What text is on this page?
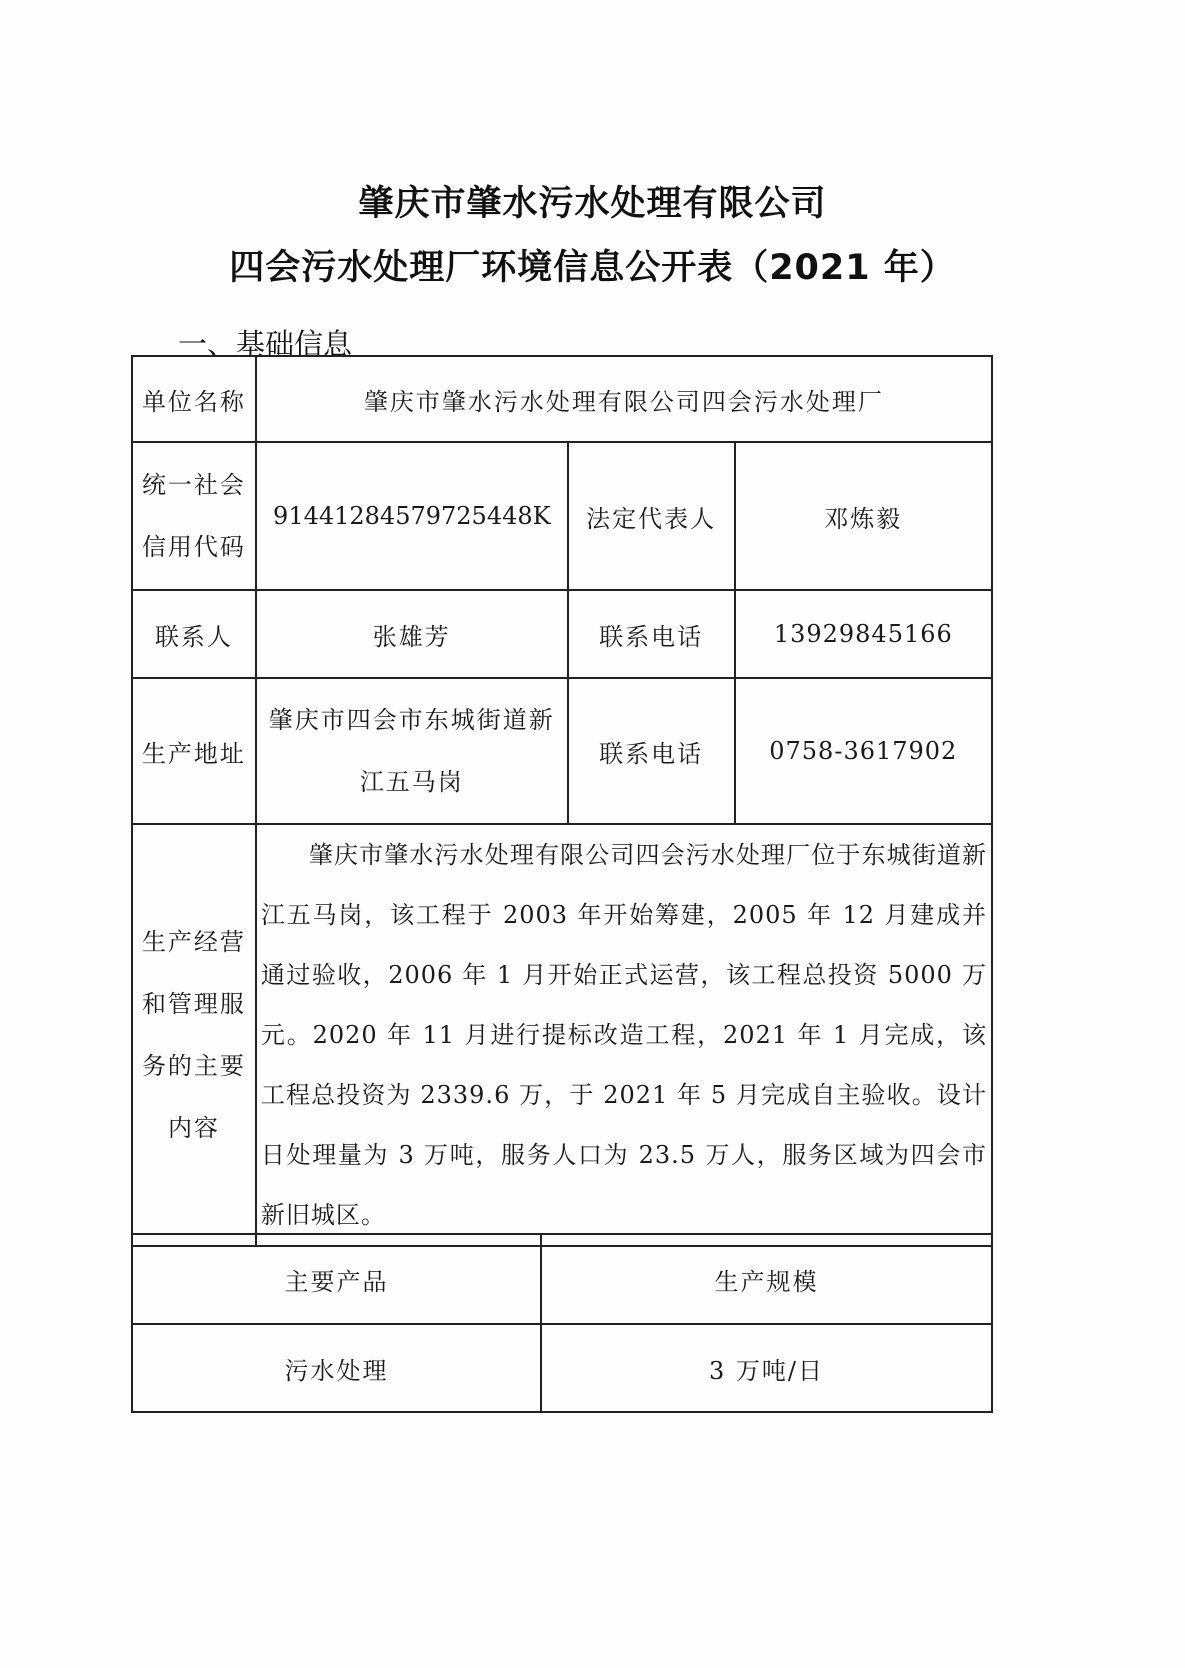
肇庆市肇水污水处理有限公司
四会污水处理厂环境信息公开表（2021 年）
一、基础信息
单位名称	肇庆市肇水污水处理有限公司四会污水处理厂		

统一社会信用代码	91441284579725448K	法定代表人	邓炼毅
联系人	张雄芳	联系电话	13929845166
生产地址	肇庆市四会市东城街道新江五马岗	联系电话	0758-3617902

生产经营和管理服务的主要内容	肇庆市肇水污水处理有限公司四会污水处理厂位于东城街道新江五马岗，该工程于 2003 年开始筹建，2005 年 12 月建成并通过验收，2006 年 1 月开始正式运营，该工程总投资 5000 万元。2020 年 11 月进行提标改造工程，2021 年 1 月完成，该工程总投资为 2339.6 万，于 2021 年 5 月完成自主验收。设计日处理量为 3 万吨，服务人口为 23.5 万人，服务区域为四会市新旧城区。		
主要产品	生产规模
污水处理	3 万吨/日
